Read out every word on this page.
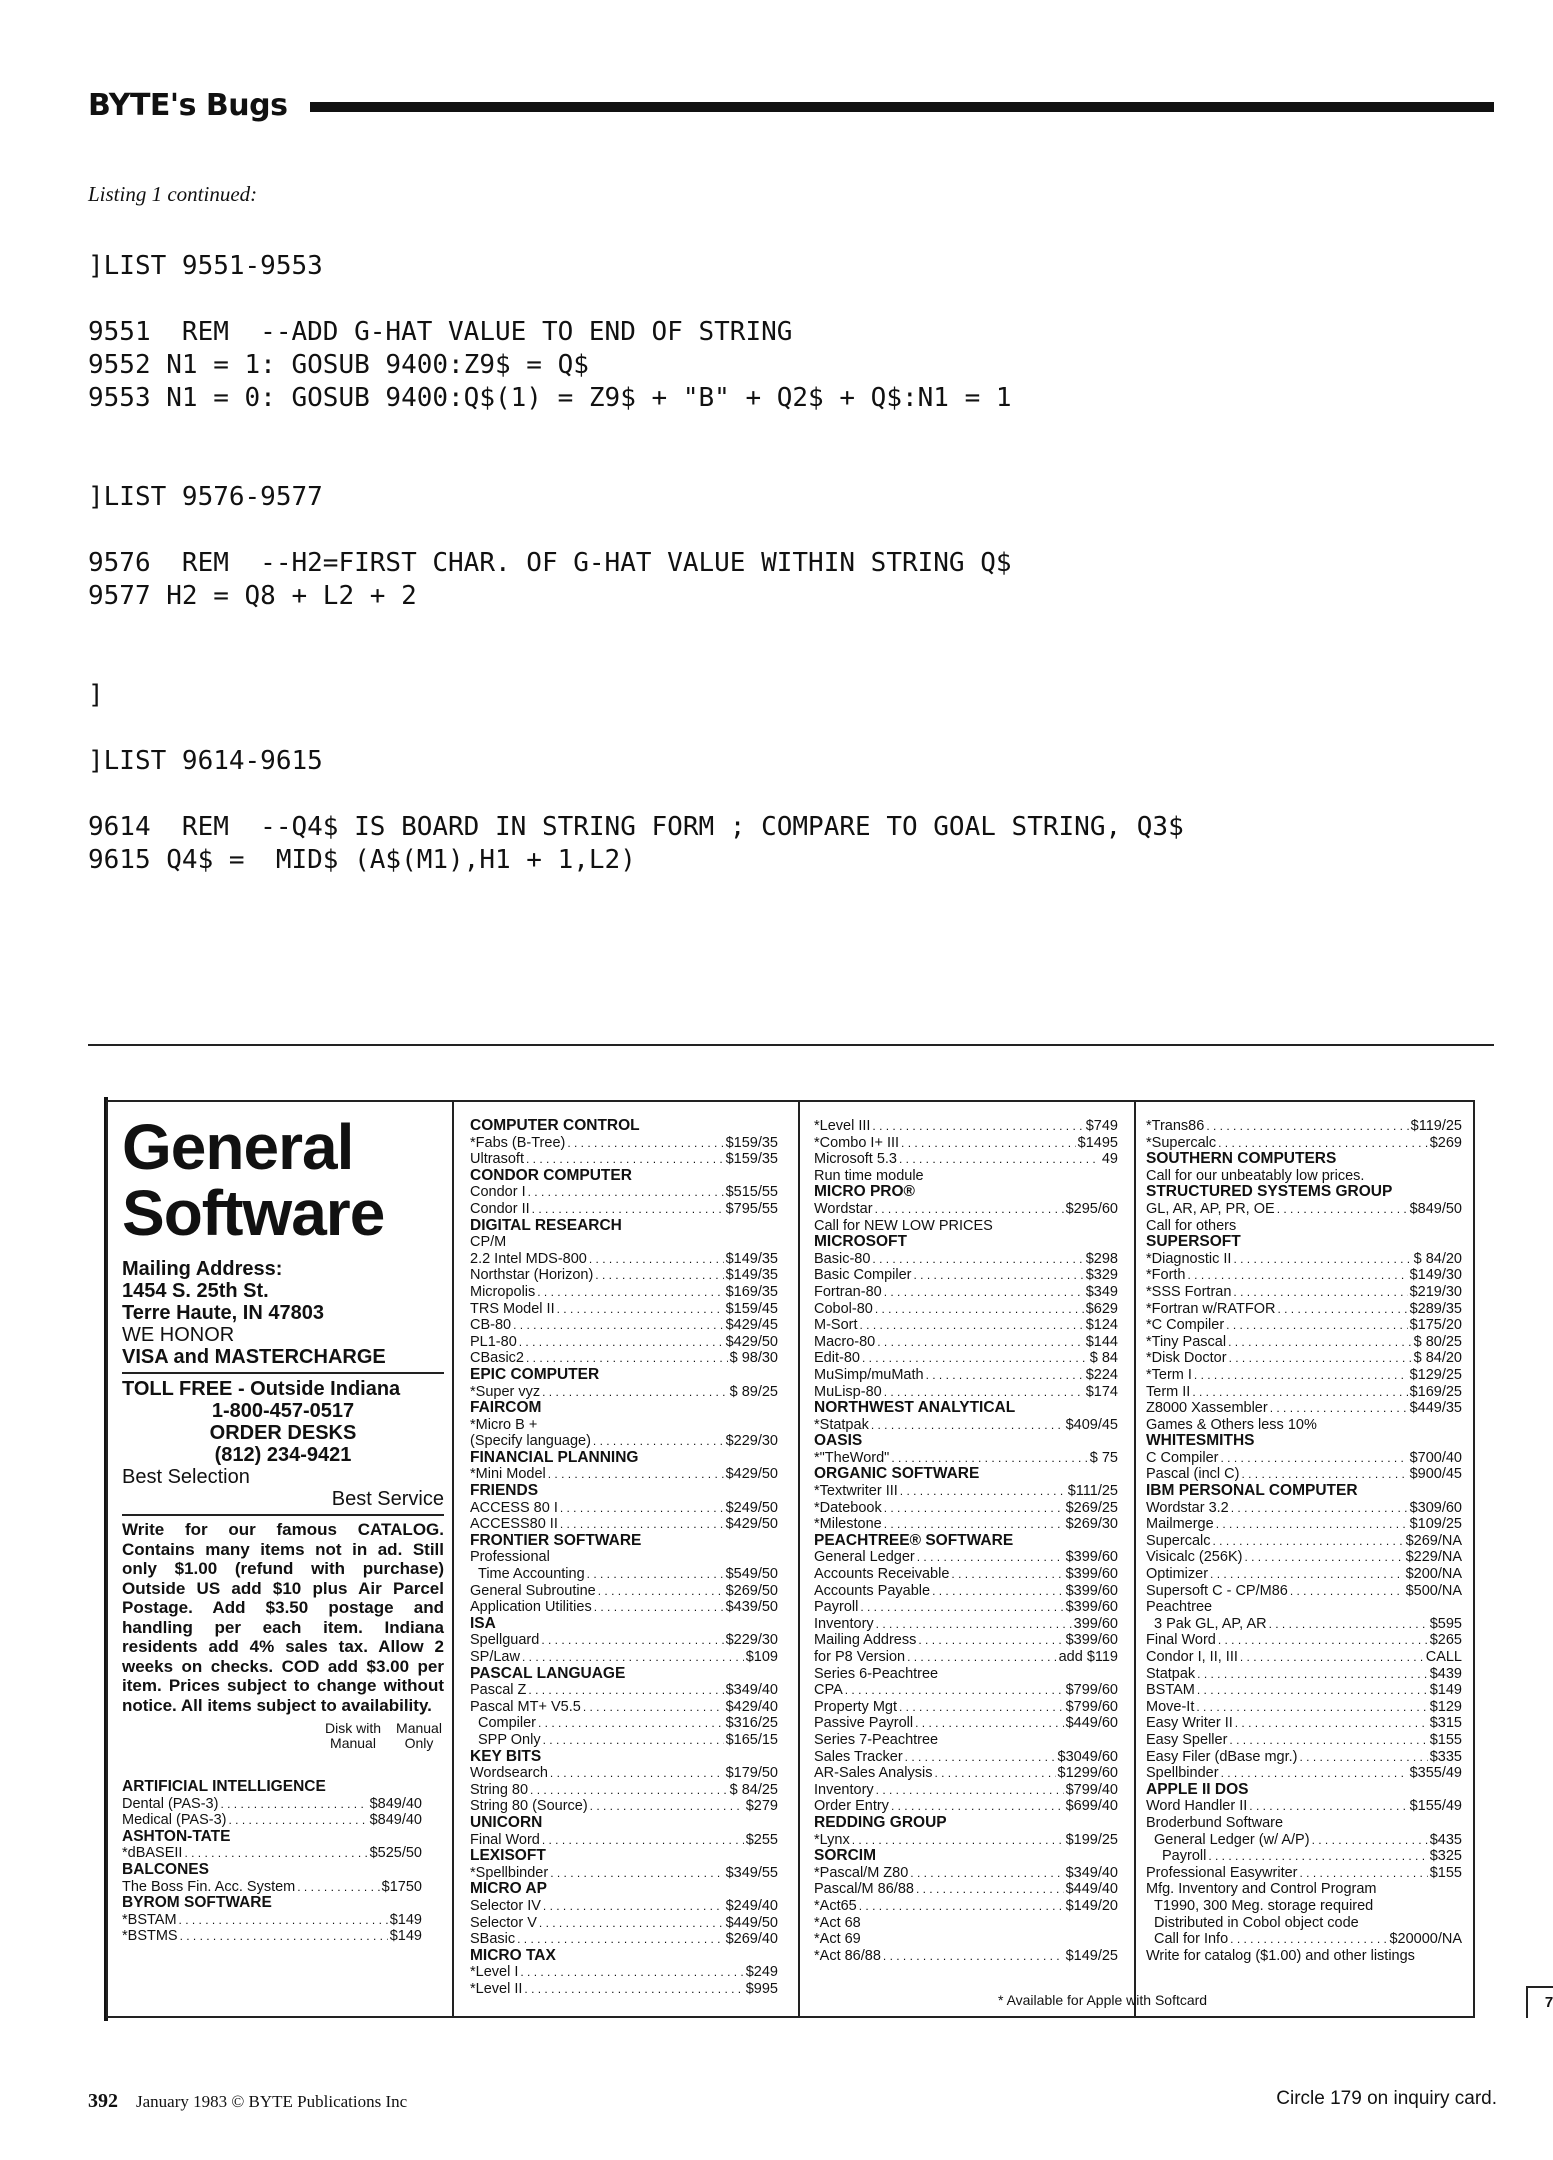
BYTE's Bugs
Listing 1 continued:
]LIST 9551-9553
9551  REM  --ADD G-HAT VALUE TO END OF STRING
9552 N1 = 1: GOSUB 9400:Z9$ = Q$
9553 N1 = 0: GOSUB 9400:Q$(1) = Z9$ + "B" + Q2$ + Q$:N1 = 1
]LIST 9576-9577
9576  REM  --H2=FIRST CHAR. OF G-HAT VALUE WITHIN STRING Q$
9577 H2 = Q8 + L2 + 2
]
]LIST 9614-9615
9614  REM  --Q4$ IS BOARD IN STRING FORM ; COMPARE TO GOAL STRING, Q3$
9615 Q4$ =  MID$ (A$(M1),H1 + 1,L2)
General
Software
Mailing Address:
1454 S. 25th St.
Terre Haute, IN 47803
WE HONOR
VISA and MASTERCHARGE
TOLL FREE - Outside Indiana
1-800-457-0517
ORDER DESKS
(812) 234-9421
Best Selection
Best Service
Write for our famous CATALOG. Contains many items not in ad. Still only $1.00 (refund with purchase) Outside US add $10 plus Air Parcel Postage. Add $3.50 postage and handling per each item. Indiana residents add 4% sales tax. Allow 2 weeks on checks. COD add $3.00 per item. Prices subject to change without notice. All items subject to availability.
Disk with Manual
Manual Only
ARTIFICIAL INTELLIGENCE
Dental (PAS-3) . . .	$849/40
Medical (PAS-3) . . .	$849/40
ASHTON-TATE
*dBASEII . . .	$525/50
BALCONES
The Boss Fin. Acc. System . . .	$1750
BYROM SOFTWARE
*BSTAM . . .	$149
*BSTMS . . .	$149
COMPUTER CONTROL
*Fabs (B-Tree) . . .	$159/35
Ultrasoft . . .	$159/35
CONDOR COMPUTER
Condor I . . .	$515/55
Condor II . . .	$795/55
DIGITAL RESEARCH
CP/M
2.2 Intel MDS-800 . . .	$149/35
Northstar (Horizon) . . .	$149/35
Micropolis . . .	$169/35
TRS Model II . . .	$159/45
CB-80 . . .	$429/45
PL1-80 . . .	$429/50
CBasic2 . . .	$ 98/30
EPIC COMPUTER
*Super vyz . . .	$ 89/25
FAIRCOM
*Micro B +
(Specify language) . . .	$229/30
FINANCIAL PLANNING
*Mini Model . . .	$429/50
FRIENDS
ACCESS 80 I . . .	$249/50
ACCESS80 II . . .	$429/50
FRONTIER SOFTWARE
Professional
Time Accounting . . .	$549/50
General Subroutine . . .	$269/50
Application Utilities . . .	$439/50
ISA
Spellguard . . .	$229/30
SP/Law . . .	$109
PASCAL LANGUAGE
Pascal Z . . .	$349/40
Pascal MT+ V5.5 . . .	$429/40
Compiler . . .	$316/25
SPP Only . . .	$165/15
KEY BITS
Wordsearch . . .	$179/50
String 80 . . .	$ 84/25
String 80 (Source) . . .	$279
UNICORN
Final Word . . .	$255
LEXISOFT
*Spellbinder . . .	$349/55
MICRO AP
Selector IV . . .	$249/40
Selector V . . .	$449/50
SBasic . . .	$269/40
MICRO TAX
*Level I . . .	$249
*Level II . . .	$995
*Level III . . .	$749
*Combo I+ III . . .	$1495
Microsoft 5.3 . . .	49
Run time module
MICRO PRO®
Wordstar . . .	$295/60
Call for NEW LOW PRICES
MICROSOFT
Basic-80 . . .	$298
Basic Compiler . . .	$329
Fortran-80 . . .	$349
Cobol-80 . . .	$629
M-Sort . . .	$124
Macro-80 . . .	$144
Edit-80 . . .	$ 84
MuSimp/muMath . . .	$224
MuLisp-80 . . .	$174
NORTHWEST ANALYTICAL
*Statpak . . .	$409/45
OASIS
*"TheWord" . . .	$ 75
ORGANIC SOFTWARE
*Textwriter III . . .	$111/25
*Datebook . . .	$269/25
*Milestone . . .	$269/30
PEACHTREE® SOFTWARE
General Ledger . . .	$399/60
Accounts Receivable . . .	$399/60
Accounts Payable . . .	$399/60
Payroll . . .	$399/60
Inventory . . .	399/60
Mailing Address . . .	$399/60
for P8 Version . . .	add $119
Series 6-Peachtree
CPA . . .	$799/60
Property Mgt . . .	$799/60
Passive Payroll . . .	$449/60
Series 7-Peachtree
Sales Tracker . . .	$3049/60
AR-Sales Analysis . . .	$1299/60
Inventory . . .	$799/40
Order Entry . . .	$699/40
REDDING GROUP
*Lynx . . .	$199/25
SORCIM
*Pascal/M Z80 . . .	$349/40
Pascal/M 86/88 . . .	$449/40
*Act65 . . .	$149/20
*Act 68
*Act 69
*Act 86/88 . . .	$149/25
*Trans86 . . .	$119/25
*Supercalc . . .	$269
SOUTHERN COMPUTERS
Call for our unbeatably low prices.
STRUCTURED SYSTEMS GROUP
GL, AR, AP, PR, OE . . .	$849/50
Call for others
SUPERSOFT
*Diagnostic II . . .	$ 84/20
*Forth . . .	$149/30
*SSS Fortran . . .	$219/30
*Fortran w/RATFOR . . .	$289/35
*C Compiler . . .	$175/20
*Tiny Pascal . . .	$ 80/25
*Disk Doctor . . .	$ 84/20
*Term I . . .	$129/25
Term II . . .	$169/25
Z8000 Xassembler . . .	$449/35
Games & Others less 10%
WHITESMITHS
C Compiler . . .	$700/40
Pascal (incl C) . . .	$900/45
IBM PERSONAL COMPUTER
Wordstar 3.2 . . .	$309/60
Mailmerge . . .	$109/25
Supercalc . . .	$269/NA
Visicalc (256K) . . .	$229/NA
Optimizer . . .	$200/NA
Supersoft C - CP/M86 . . .	$500/NA
Peachtree
3 Pak GL, AP, AR . . .	$595
Final Word . . .	$265
Condor I, II, III . . .	CALL
Statpak . . .	$439
BSTAM . . .	$149
Move-It . . .	$129
Easy Writer II . . .	$315
Easy Speller . . .	$155
Easy Filer (dBase mgr.) . . .	$335
Spellbinder . . .	$355/49
APPLE II DOS
Word Handler II . . .	$155/49
Broderbund Software
General Ledger (w/ A/P) . . .	$435
Payroll . . .	$325
Professional Easywriter . . .	$155
Mfg. Inventory and Control Program
T1990, 300 Meg. storage required
Distributed in Cobol object code
Call for Info . . .	$20000/NA
Write for catalog ($1.00) and other listings
* Available for Apple with Softcard	7
392 January 1983 © BYTE Publications Inc	Circle 179 on inquiry card.
